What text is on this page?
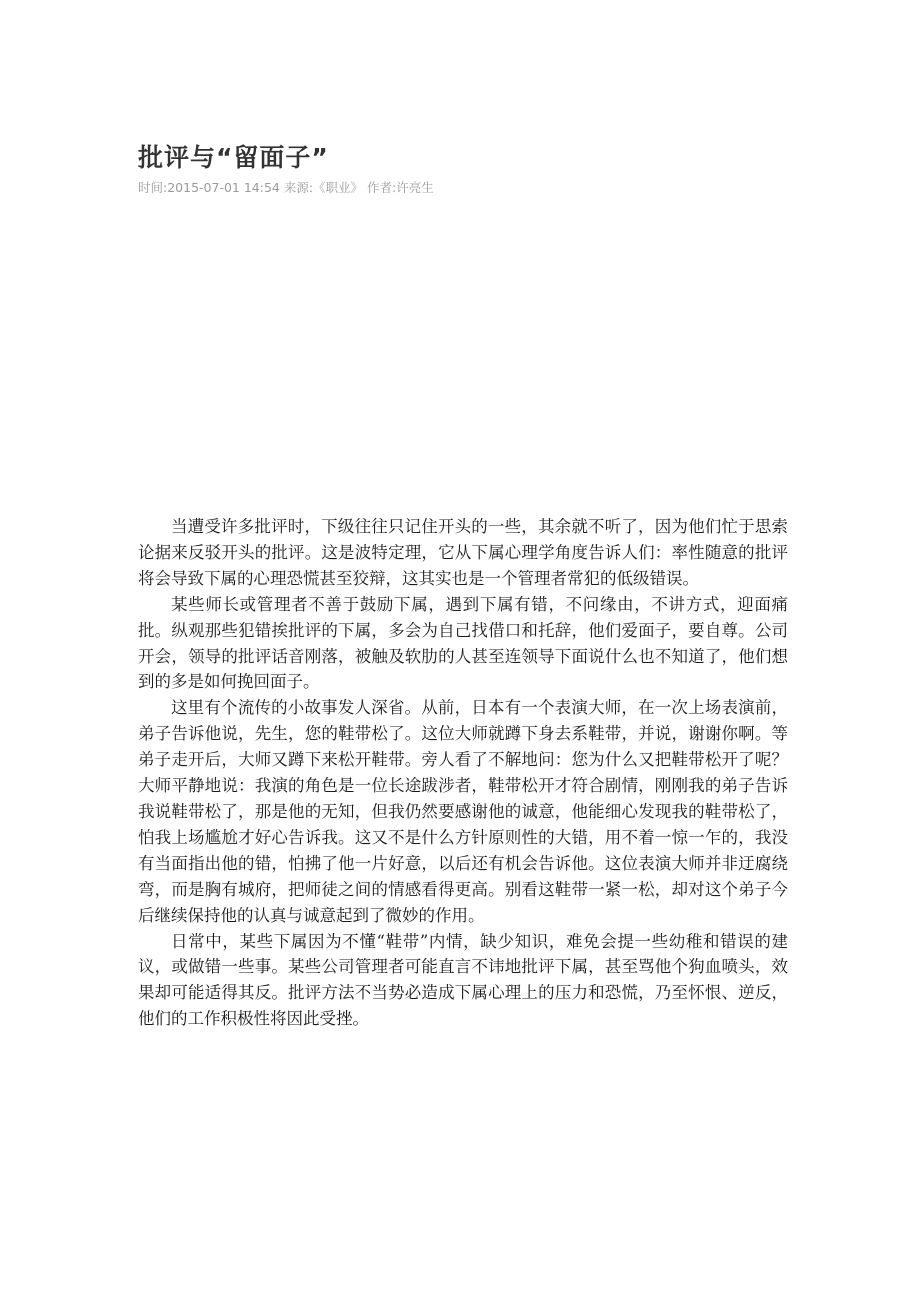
批评与“留面子”
时间:2015-07-01 14:54 来源:《职业》 作者:许亮生

当遭受许多批评时，下级往往只记住开头的一些，其余就不听了，因为他们忙于思索论据来反驳开头的批评。这是波特定理，它从下属心理学角度告诉人们：率性随意的批评将会导致下属的心理恐慌甚至狡辩，这其实也是一个管理者常犯的低级错误。

某些师长或管理者不善于鼓励下属，遇到下属有错，不问缘由，不讲方式，迎面痛批。纵观那些犯错挨批评的下属，多会为自己找借口和托辞，他们爱面子，要自尊。公司开会，领导的批评话音刚落，被触及软肋的人甚至连领导下面说什么也不知道了，他们想到的多是如何挽回面子。

这里有个流传的小故事发人深省。从前，日本有一个表演大师，在一次上场表演前，弟子告诉他说，先生，您的鞋带松了。这位大师就蹲下身去系鞋带，并说，谢谢你啊。等弟子走开后，大师又蹲下来松开鞋带。旁人看了不解地问：您为什么又把鞋带松开了呢？大师平静地说：我演的角色是一位长途跋涉者，鞋带松开才符合剧情，刚刚我的弟子告诉我说鞋带松了，那是他的无知，但我仍然要感谢他的诚意，他能细心发现我的鞋带松了，怕我上场尴尬才好心告诉我。这又不是什么方针原则性的大错，用不着一惊一乍的，我没有当面指出他的错，怕拂了他一片好意，以后还有机会告诉他。这位表演大师并非迂腐绕弯，而是胸有城府，把师徒之间的情感看得更高。别看这鞋带一紧一松，却对这个弟子今后继续保持他的认真与诚意起到了微妙的作用。

日常中，某些下属因为不懂“鞋带”内情，缺少知识，难免会提一些幼稚和错误的建议，或做错一些事。某些公司管理者可能直言不讳地批评下属，甚至骂他个狗血喷头，效果却可能适得其反。批评方法不当势必造成下属心理上的压力和恐慌，乃至怀恨、逆反，他们的工作积极性将因此受挫。
